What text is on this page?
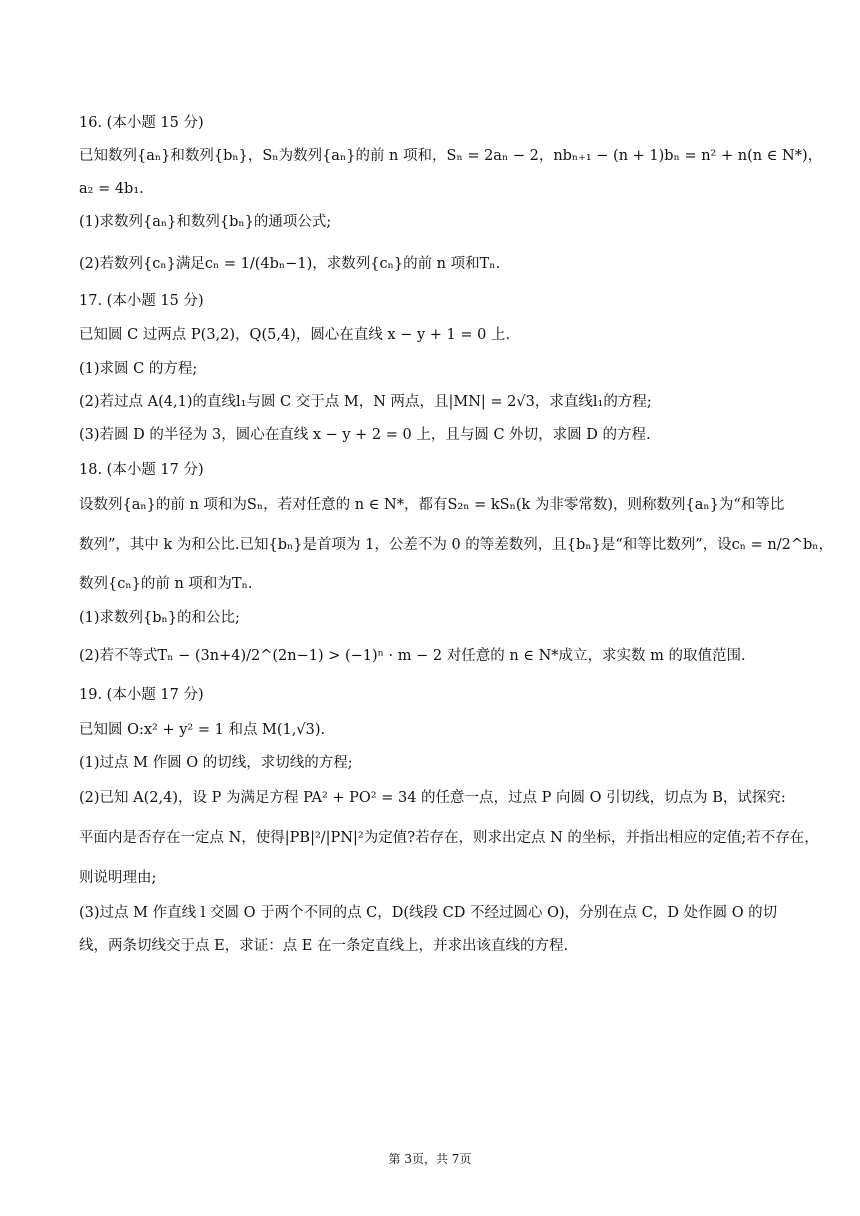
16. (本小题 15 分)
已知数列{aₙ}和数列{bₙ}，Sₙ为数列{aₙ}的前 n 项和，Sₙ = 2aₙ − 2，nbₙ₊₁ − (n + 1)bₙ = n² + n(n ∈ N*)，
a₂ = 4b₁.
(1)求数列{aₙ}和数列{bₙ}的通项公式;
(2)若数列{cₙ}满足cₙ = 1/(4bₙ−1)，求数列{cₙ}的前 n 项和Tₙ.
17. (本小题 15 分)
已知圆 C 过两点 P(3,2)，Q(5,4)，圆心在直线 x − y + 1 = 0 上.
(1)求圆 C 的方程;
(2)若过点 A(4,1)的直线l₁与圆 C 交于点 M，N 两点，且|MN| = 2√3，求直线l₁的方程;
(3)若圆 D 的半径为 3，圆心在直线 x − y + 2 = 0 上，且与圆 C 外切，求圆 D 的方程.
18. (本小题 17 分)
设数列{aₙ}的前 n 项和为Sₙ，若对任意的 n ∈ N*，都有S₂ₙ = kSₙ(k 为非零常数)，则称数列{aₙ}为“和等比
数列”，其中 k 为和公比.已知{bₙ}是首项为 1，公差不为 0 的等差数列，且{bₙ}是“和等比数列”，设cₙ = n/2^bₙ，
数列{cₙ}的前 n 项和为Tₙ.
(1)求数列{bₙ}的和公比;
(2)若不等式Tₙ − (3n+4)/2^(2n−1) > (−1)ⁿ · m − 2 对任意的 n ∈ N*成立，求实数 m 的取值范围.
19. (本小题 17 分)
已知圆 O:x² + y² = 1 和点 M(1,√3).
(1)过点 M 作圆 O 的切线，求切线的方程;
(2)已知 A(2,4)，设 P 为满足方程 PA² + PO² = 34 的任意一点，过点 P 向圆 O 引切线，切点为 B，试探究:
平面内是否存在一定点 N，使得|PB|²/|PN|²为定值?若存在，则求出定点 N 的坐标，并指出相应的定值;若不存在，
则说明理由;
(3)过点 M 作直线 l 交圆 O 于两个不同的点 C，D(线段 CD 不经过圆心 O)，分别在点 C，D 处作圆 O 的切
线，两条切线交于点 E，求证：点 E 在一条定直线上，并求出该直线的方程.
第 3页，共 7页
